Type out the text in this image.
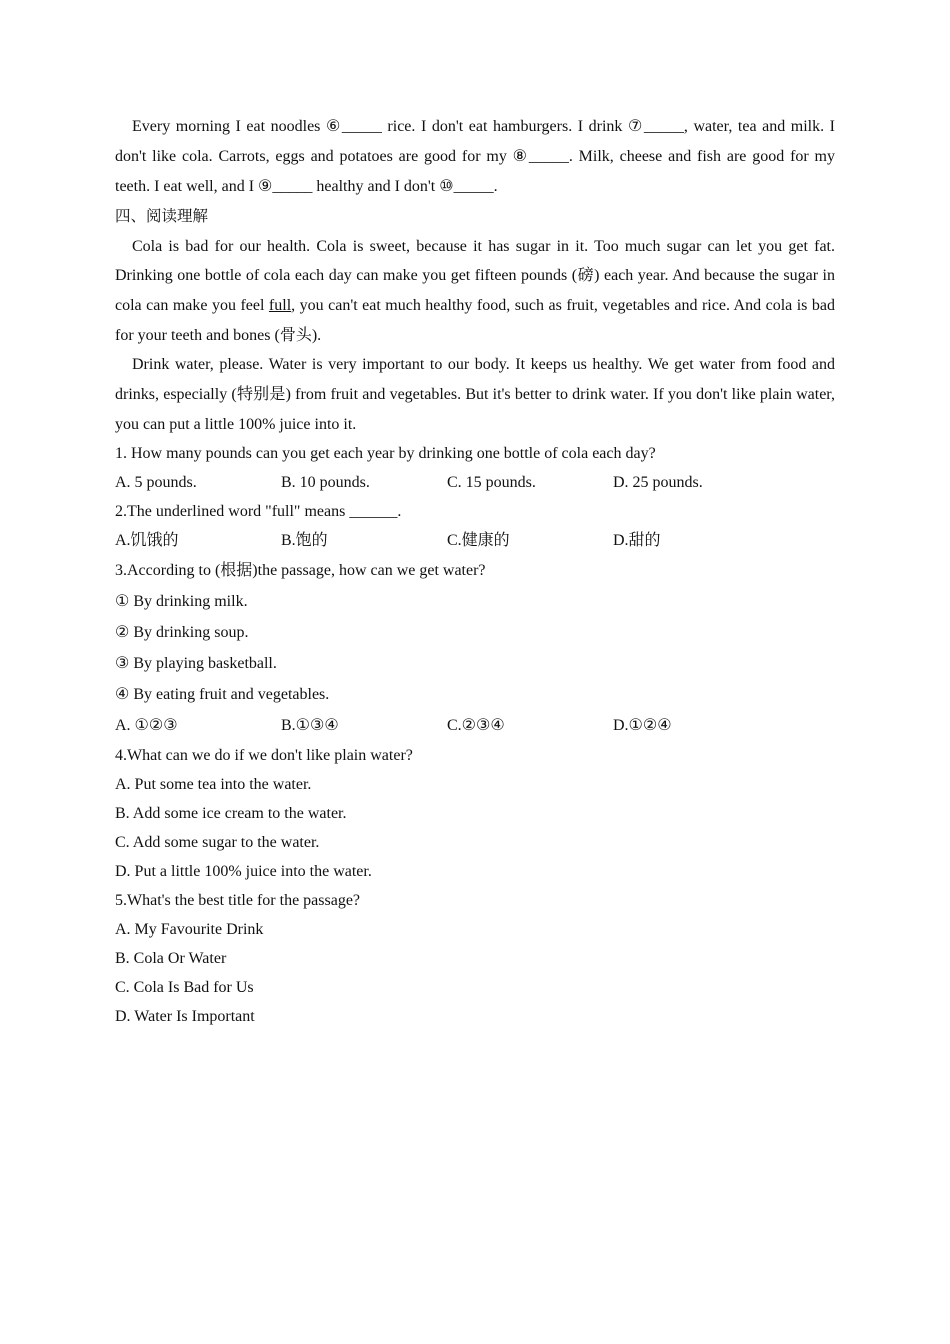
Every morning I eat noodles ⑥_____ rice. I don't eat hamburgers. I drink ⑦_____, water, tea and milk. I don't like cola. Carrots, eggs and potatoes are good for my ⑧_____. Milk, cheese and fish are good for my teeth. I eat well, and I ⑨_____ healthy and I don't ⑩_____.

四、阅读理解

Cola is bad for our health. Cola is sweet, because it has sugar in it. Too much sugar can let you get fat. Drinking one bottle of cola each day can make you get fifteen pounds (磅) each year. And because the sugar in cola can make you feel full, you can't eat much healthy food, such as fruit, vegetables and rice. And cola is bad for your teeth and bones (骨头).

Drink water, please. Water is very important to our body. It keeps us healthy. We get water from food and drinks, especially (特别是) from fruit and vegetables. But it's better to drink water. If you don't like plain water, you can put a little 100% juice into it.

1. How many pounds can you get each year by drinking one bottle of cola each day?

A. 5 pounds.	B. 10 pounds.	C. 15 pounds.	D. 25 pounds.

2.The underlined word "full" means ______.

A.饥饿的	B.饱的	C.健康的	D.甜的

3.According to (根据)the passage, how can we get water?

① By drinking milk.

② By drinking soup.

③ By playing basketball.

④ By eating fruit and vegetables.

A. ①②③	B.①③④	C.②③④	D.①②④

4.What can we do if we don't like plain water?

A. Put some tea into the water.

B. Add some ice cream to the water.

C. Add some sugar to the water.

D. Put a little 100% juice into the water.

5.What's the best title for the passage?

A. My Favourite Drink

B. Cola Or Water

C. Cola Is Bad for Us

D. Water Is Important
